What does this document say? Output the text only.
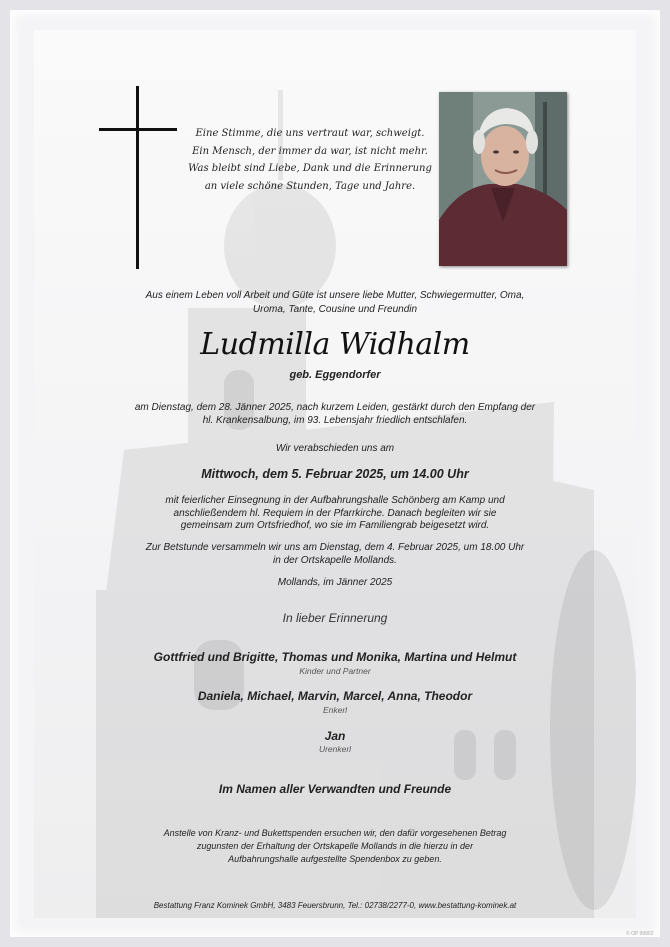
Eine Stimme, die uns vertraut war, schweigt.
Ein Mensch, der immer da war, ist nicht mehr.
Was bleibt sind Liebe, Dank und die Erinnerung
an viele schöne Stunden, Tage und Jahre.
Aus einem Leben voll Arbeit und Güte ist unsere liebe Mutter, Schwiegermutter, Oma,
Uroma, Tante, Cousine und Freundin
Ludmilla Widhalm
geb. Eggendorfer
am Dienstag, dem 28. Jänner 2025, nach kurzem Leiden, gestärkt durch den Empfang der
hl. Krankensalbung, im 93. Lebensjahr friedlich entschlafen.
Wir verabschieden uns am
Mittwoch, dem 5. Februar 2025, um 14.00 Uhr
mit feierlicher Einsegnung in der Aufbahrungshalle Schönberg am Kamp und
anschließendem hl. Requiem in der Pfarrkirche. Danach begleiten wir sie
gemeinsam zum Ortsfriedhof, wo sie im Familiengrab beigesetzt wird.
Zur Betstunde versammeln wir uns am Dienstag, dem 4. Februar 2025, um 18.00 Uhr
in der Ortskapelle Mollands.
Mollands, im Jänner 2025
In lieber Erinnerung
Gottfried und Brigitte, Thomas und Monika, Martina und Helmut
Kinder und Partner
Daniela, Michael, Marvin, Marcel, Anna, Theodor
Enkerl
Jan
Urenkerl
Im Namen aller Verwandten und Freunde
Anstelle von Kranz- und Bukettspenden ersuchen wir, den dafür vorgesehenen Betrag
zugunsten der Erhaltung der Ortskapelle Mollands in die hierzu in der
Aufbahrungshalle aufgestellte Spendenbox zu geben.
Bestattung Franz Kominek GmbH, 3483 Feuersbrunn, Tel.: 02738/2277-0, www.bestattung-kominek.at
© OP 99962
